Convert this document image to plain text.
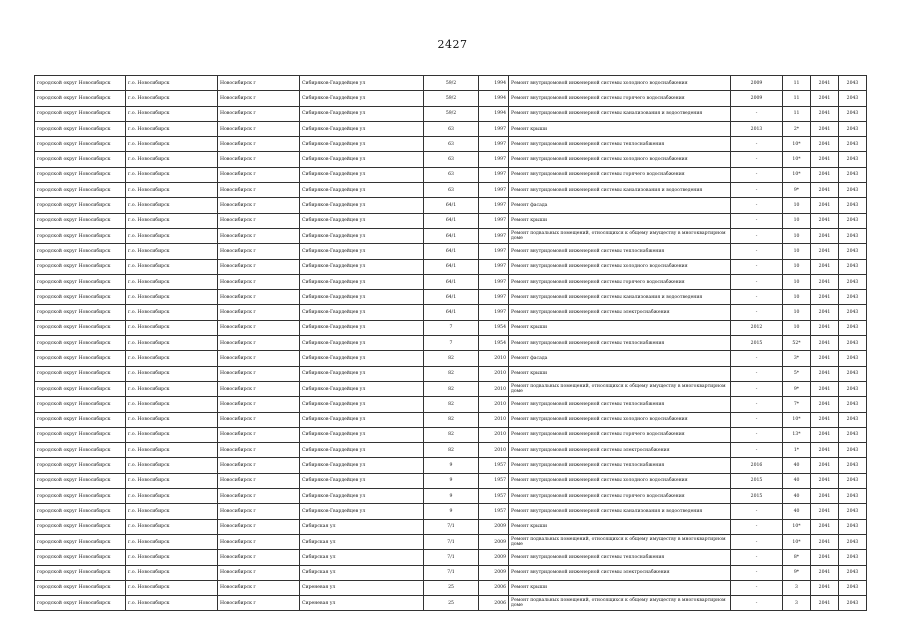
2427
городской округ Новосибирск	г.о. Новосибирск	Новосибирск г	Сибиряков-Гвардейцев ул	59/2	1994	Ремонт внутридомовой инженерной системы холодного водоснабжения	2009	11	2041	2043
городской округ Новосибирск	г.о. Новосибирск	Новосибирск г	Сибиряков-Гвардейцев ул	59/2	1994	Ремонт внутридомовой инженерной системы горячего водоснабжения	2009	11	2041	2043
городской округ Новосибирск	г.о. Новосибирск	Новосибирск г	Сибиряков-Гвардейцев ул	59/2	1994	Ремонт внутридомовой инженерной системы канализования и водоотведения	-	11	2041	2043
городской округ Новосибирск	г.о. Новосибирск	Новосибирск г	Сибиряков-Гвардейцев ул	63	1997	Ремонт крыши	2013	2*	2041	2043
городской округ Новосибирск	г.о. Новосибирск	Новосибирск г	Сибиряков-Гвардейцев ул	63	1997	Ремонт внутридомовой инженерной системы теплоснабжения	-	10*	2041	2043
городской округ Новосибирск	г.о. Новосибирск	Новосибирск г	Сибиряков-Гвардейцев ул	63	1997	Ремонт внутридомовой инженерной системы холодного водоснабжения	-	10*	2041	2043
городской округ Новосибирск	г.о. Новосибирск	Новосибирск г	Сибиряков-Гвардейцев ул	63	1997	Ремонт внутридомовой инженерной системы горячего водоснабжения	-	10*	2041	2043
городской округ Новосибирск	г.о. Новосибирск	Новосибирск г	Сибиряков-Гвардейцев ул	63	1997	Ремонт внутридомовой инженерной системы канализования и водоотведения	-	9*	2041	2043
городской округ Новосибирск	г.о. Новосибирск	Новосибирск г	Сибиряков-Гвардейцев ул	64/1	1997	Ремонт фасада	-	10	2041	2043
городской округ Новосибирск	г.о. Новосибирск	Новосибирск г	Сибиряков-Гвардейцев ул	64/1	1997	Ремонт крыши	-	10	2041	2043
городской округ Новосибирск	г.о. Новосибирск	Новосибирск г	Сибиряков-Гвардейцев ул	64/1	1997	Ремонт подвальных помещений, относящихся к общему имуществу в многоквартирном доме	-	10	2041	2043
городской округ Новосибирск	г.о. Новосибирск	Новосибирск г	Сибиряков-Гвардейцев ул	64/1	1997	Ремонт внутридомовой инженерной системы теплоснабжения	-	10	2041	2043
городской округ Новосибирск	г.о. Новосибирск	Новосибирск г	Сибиряков-Гвардейцев ул	64/1	1997	Ремонт внутридомовой инженерной системы холодного водоснабжения	-	10	2041	2043
городской округ Новосибирск	г.о. Новосибирск	Новосибирск г	Сибиряков-Гвардейцев ул	64/1	1997	Ремонт внутридомовой инженерной системы горячего водоснабжения	-	10	2041	2043
городской округ Новосибирск	г.о. Новосибирск	Новосибирск г	Сибиряков-Гвардейцев ул	64/1	1997	Ремонт внутридомовой инженерной системы канализования и водоотведения	-	10	2041	2043
городской округ Новосибирск	г.о. Новосибирск	Новосибирск г	Сибиряков-Гвардейцев ул	64/1	1997	Ремонт внутридомовой инженерной системы электроснабжения	-	10	2041	2043
городской округ Новосибирск	г.о. Новосибирск	Новосибирск г	Сибиряков-Гвардейцев ул	7	1954	Ремонт крыши	2012	10	2041	2043
городской округ Новосибирск	г.о. Новосибирск	Новосибирск г	Сибиряков-Гвардейцев ул	7	1954	Ремонт внутридомовой инженерной системы теплоснабжения	2015	52*	2041	2043
городской округ Новосибирск	г.о. Новосибирск	Новосибирск г	Сибиряков-Гвардейцев ул	82	2010	Ремонт фасада	-	3*	2041	2043
городской округ Новосибирск	г.о. Новосибирск	Новосибирск г	Сибиряков-Гвардейцев ул	82	2010	Ремонт крыши	-	5*	2041	2043
городской округ Новосибирск	г.о. Новосибирск	Новосибирск г	Сибиряков-Гвардейцев ул	82	2010	Ремонт подвальных помещений, относящихся к общему имуществу в многоквартирном доме	-	9*	2041	2043
городской округ Новосибирск	г.о. Новосибирск	Новосибирск г	Сибиряков-Гвардейцев ул	82	2010	Ремонт внутридомовой инженерной системы теплоснабжения	-	7*	2041	2043
городской округ Новосибирск	г.о. Новосибирск	Новосибирск г	Сибиряков-Гвардейцев ул	82	2010	Ремонт внутридомовой инженерной системы холодного водоснабжения	-	10*	2041	2043
городской округ Новосибирск	г.о. Новосибирск	Новосибирск г	Сибиряков-Гвардейцев ул	82	2010	Ремонт внутридомовой инженерной системы горячего водоснабжения	-	13*	2041	2043
городской округ Новосибирск	г.о. Новосибирск	Новосибирск г	Сибиряков-Гвардейцев ул	82	2010	Ремонт внутридомовой инженерной системы электроснабжения	-	1*	2041	2043
городской округ Новосибирск	г.о. Новосибирск	Новосибирск г	Сибиряков-Гвардейцев ул	9	1957	Ремонт внутридомовой инженерной системы теплоснабжения	2016	40	2041	2043
городской округ Новосибирск	г.о. Новосибирск	Новосибирск г	Сибиряков-Гвардейцев ул	9	1957	Ремонт внутридомовой инженерной системы холодного водоснабжения	2015	40	2041	2043
городской округ Новосибирск	г.о. Новосибирск	Новосибирск г	Сибиряков-Гвардейцев ул	9	1957	Ремонт внутридомовой инженерной системы горячего водоснабжения	2015	40	2041	2043
городской округ Новосибирск	г.о. Новосибирск	Новосибирск г	Сибиряков-Гвардейцев ул	9	1957	Ремонт внутридомовой инженерной системы канализования и водоотведения	-	40	2041	2043
городской округ Новосибирск	г.о. Новосибирск	Новосибирск г	Сибирская ул	7/1	2009	Ремонт крыши	-	10*	2041	2043
городской округ Новосибирск	г.о. Новосибирск	Новосибирск г	Сибирская ул	7/1	2009	Ремонт подвальных помещений, относящихся к общему имуществу в многоквартирном доме	-	10*	2041	2043
городской округ Новосибирск	г.о. Новосибирск	Новосибирск г	Сибирская ул	7/1	2009	Ремонт внутридомовой инженерной системы теплоснабжения	-	8*	2041	2043
городской округ Новосибирск	г.о. Новосибирск	Новосибирск г	Сибирская ул	7/1	2009	Ремонт внутридомовой инженерной системы электроснабжения	-	9*	2041	2043
городской округ Новосибирск	г.о. Новосибирск	Новосибирск г	Сиреневая ул	25	2006	Ремонт крыши	-	3	2041	2043
городской округ Новосибирск	г.о. Новосибирск	Новосибирск г	Сиреневая ул	25	2006	Ремонт подвальных помещений, относящихся к общему имуществу в многоквартирном доме	-	3	2041	2043
